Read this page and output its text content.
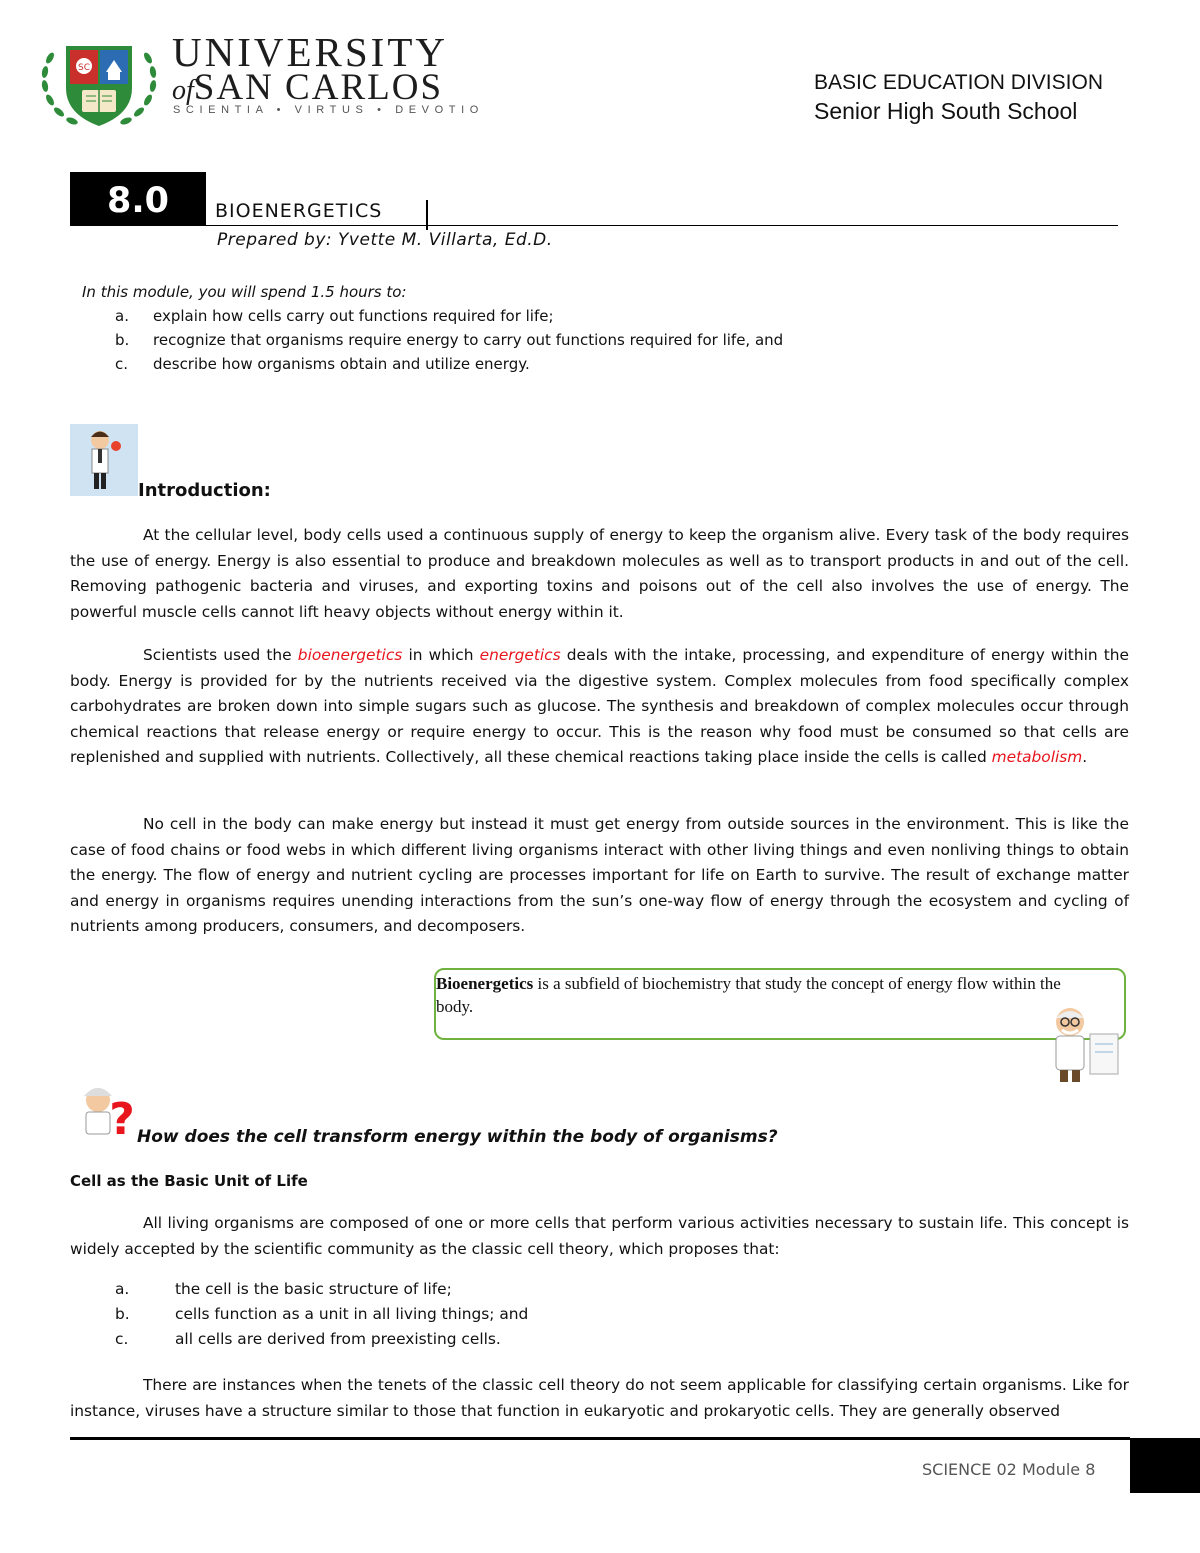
SC UNIVERSITY
ofSAN CARLOS
SCIENTIA • VIRTUS • DEVOTIO
BASIC EDUCATION DIVISION
Senior High South School
8.0	BIOENERGETICS
Prepared by: Yvette M. Villarta, Ed.D.
In this module, you will spend 1.5 hours to:
a. explain how cells carry out functions required for life;
b. recognize that organisms require energy to carry out functions required for life, and
c. describe how organisms obtain and utilize energy.
Introduction:

At the cellular level, body cells used a continuous supply of energy to keep the organism alive. Every task of the body requires the use of energy. Energy is also essential to produce and breakdown molecules as well as to transport products in and out of the cell. Removing pathogenic bacteria and viruses, and exporting toxins and poisons out of the cell also involves the use of energy. The powerful muscle cells cannot lift heavy objects without energy within it.

Scientists used the bioenergetics in which energetics deals with the intake, processing, and expenditure of energy within the body. Energy is provided for by the nutrients received via the digestive system. Complex molecules from food specifically complex carbohydrates are broken down into simple sugars such as glucose. The synthesis and breakdown of complex molecules occur through chemical reactions that release energy or require energy to occur. This is the reason why food must be consumed so that cells are replenished and supplied with nutrients. Collectively, all these chemical reactions taking place inside the cells is called metabolism.

No cell in the body can make energy but instead it must get energy from outside sources in the environment. This is like the case of food chains or food webs in which different living organisms interact with other living things and even nonliving things to obtain the energy. The flow of energy and nutrient cycling are processes important for life on Earth to survive. The result of exchange matter and energy in organisms requires unending interactions from the sun’s one-way flow of energy through the ecosystem and cycling of nutrients among producers, consumers, and decomposers.

Bioenergetics is a subfield of biochemistry that study the concept of energy flow within the body.
? How does the cell transform energy within the body of organisms?
Cell as the Basic Unit of Life

All living organisms are composed of one or more cells that perform various activities necessary to sustain life. This concept is widely accepted by the scientific community as the classic cell theory, which proposes that:

a.	the cell is the basic structure of life;
b.	cells function as a unit in all living things; and
c.	all cells are derived from preexisting cells.

There are instances when the tenets of the classic cell theory do not seem applicable for classifying certain organisms. Like for instance, viruses have a structure similar to those that function in eukaryotic and prokaryotic cells. They are generally observed

SCIENCE 02 Module 8
